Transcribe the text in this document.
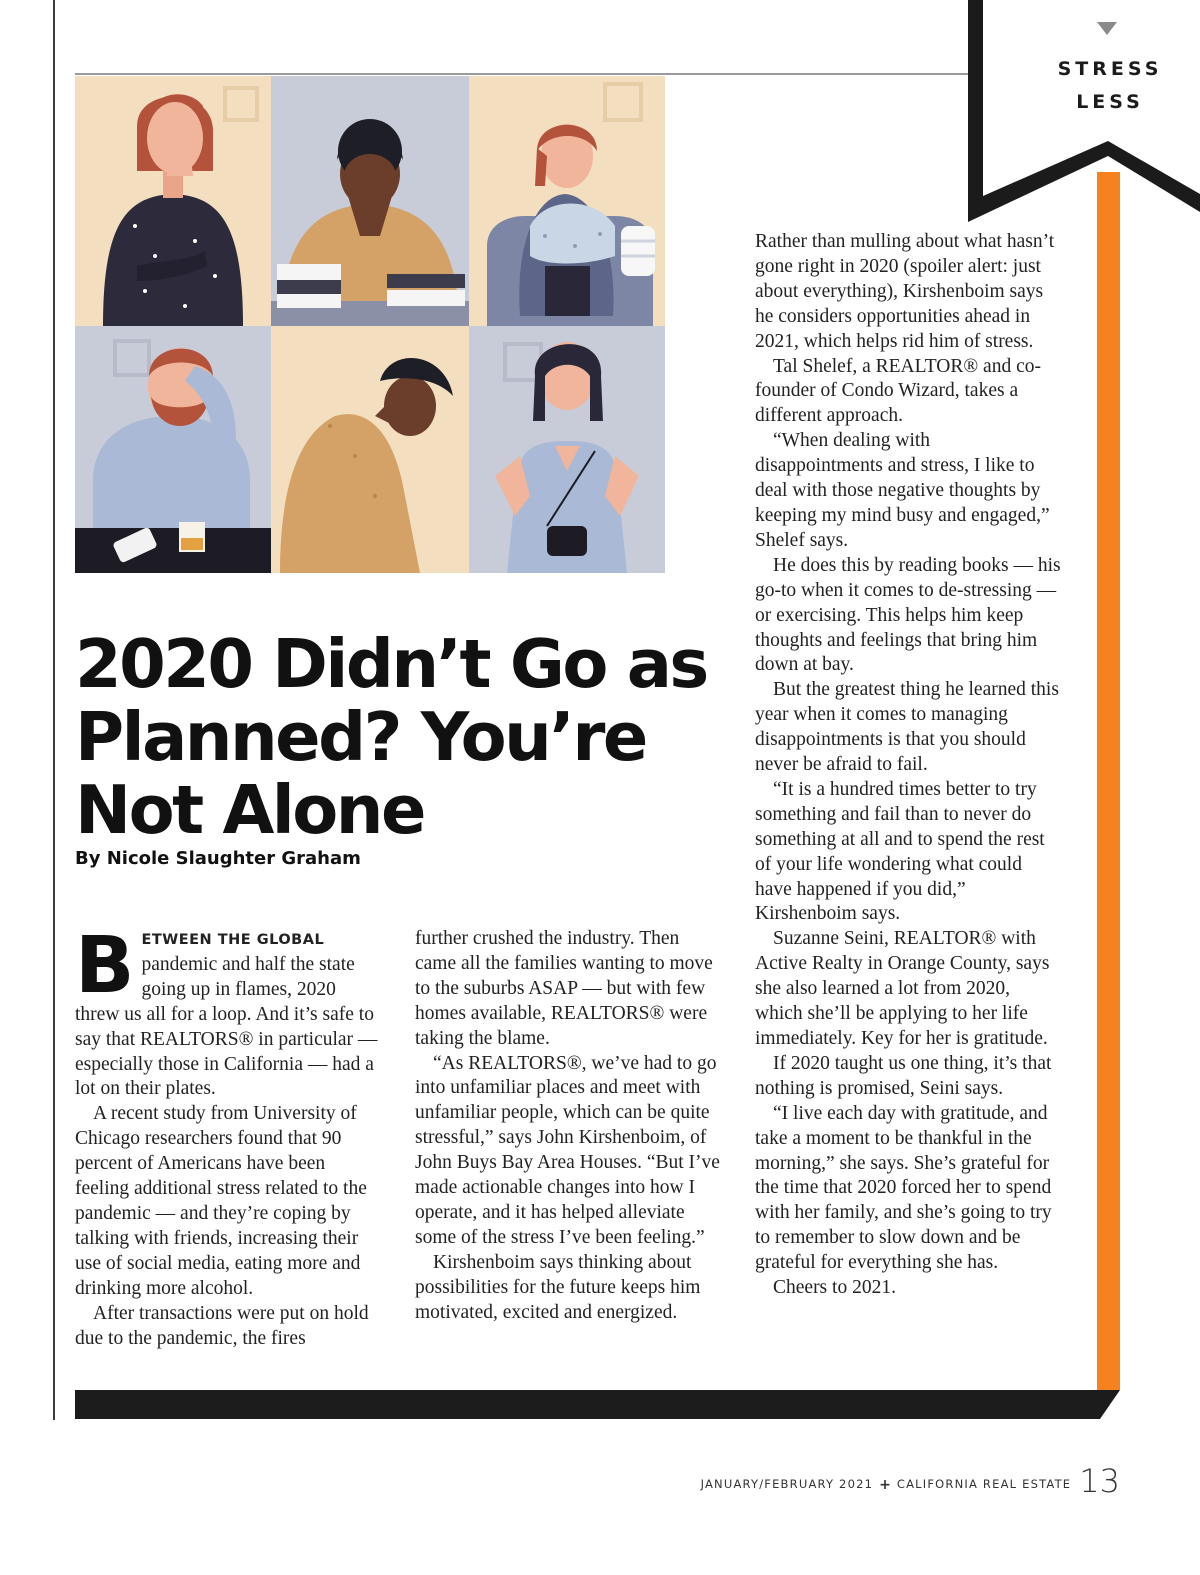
STRESS
LESS
2020 Didn’t Go as Planned? You’re Not Alone
By Nicole Slaughter Graham

BETWEEN THE GLOBAL pandemic and half the state going up in flames, 2020 threw us all for a loop. And it’s safe to say that REALTORS® in particular — especially those in California — had a lot on their plates.

A recent study from University of Chicago researchers found that 90 percent of Americans have been feeling additional stress related to the pandemic — and they’re coping by talking with friends, increasing their use of social media, eating more and drinking more alcohol.

After transactions were put on hold due to the pandemic, the fires

further crushed the industry. Then came all the families wanting to move to the suburbs ASAP — but with few homes available, REALTORS® were taking the blame.

“As REALTORS®, we’ve had to go into unfamiliar places and meet with unfamiliar people, which can be quite stressful,” says John Kirshenboim, of John Buys Bay Area Houses. “But I’ve made actionable changes into how I operate, and it has helped alleviate some of the stress I’ve been feeling.”

Kirshenboim says thinking about possibilities for the future keeps him motivated, excited and energized.

Rather than mulling about what hasn’t gone right in 2020 (spoiler alert: just about everything), Kirshenboim says he considers opportunities ahead in 2021, which helps rid him of stress.

Tal Shelef, a REALTOR® and co-founder of Condo Wizard, takes a different approach.

“When dealing with disappointments and stress, I like to deal with those negative thoughts by keeping my mind busy and engaged,” Shelef says.

He does this by reading books — his go-to when it comes to de-stressing — or exercising. This helps him keep thoughts and feelings that bring him down at bay.

But the greatest thing he learned this year when it comes to managing disappointments is that you should never be afraid to fail.

“It is a hundred times better to try something and fail than to never do something at all and to spend the rest of your life wondering what could have happened if you did,” Kirshenboim says.

Suzanne Seini, REALTOR® with Active Realty in Orange County, says she also learned a lot from 2020, which she’ll be applying to her life immediately. Key for her is gratitude.

If 2020 taught us one thing, it’s that nothing is promised, Seini says.

“I live each day with gratitude, and take a moment to be thankful in the morning,” she says. She’s grateful for the time that 2020 forced her to spend with her family, and she’s going to try to remember to slow down and be grateful for everything she has.

Cheers to 2021.

JANUARY/FEBRUARY 2021 + CALIFORNIA REAL ESTATE 13
